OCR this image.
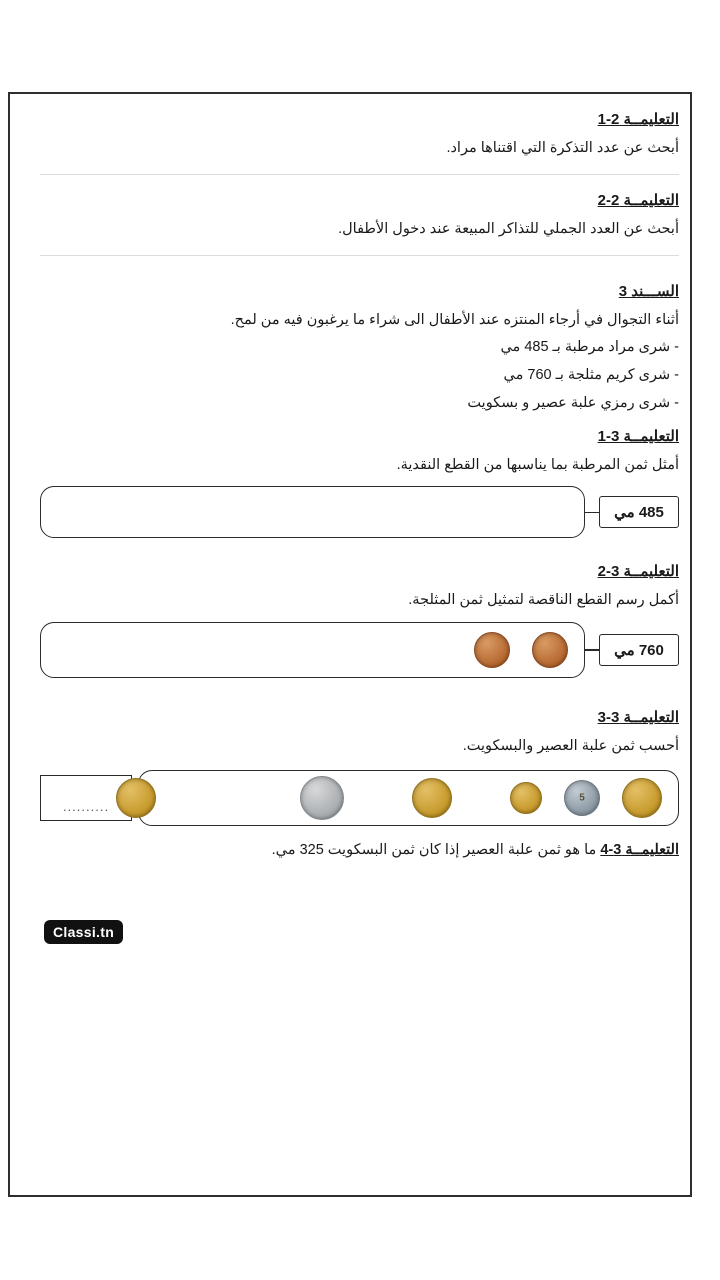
التعليمــة 2-1
أبحث عن عدد التذكرة التي اقتناها مراد.
التعليمــة 2-2
أبحث عن العدد الجملي للتذاكر المبيعة عند دخول الأطفال.
الســـند 3
أثناء التجوال في أرجاء المنتزه عند الأطفال الى شراء ما يرغبون فيه من لمح.
- شرى مراد مرطبة بـ 485 مي
- شرى كريم مثلجة بـ 760 مي
- شرى رمزي علبة عصير و بسكويت
التعليمــة 3-1
أمثل ثمن المرطبة بما يناسبها من القطع النقدية.
485 مي
التعليمــة 3-2
أكمل رسم القطع الناقصة لتمثيل ثمن المثلجة.
760 مي
التعليمــة 3-3
أحسب ثمن علبة العصير والبسكويت.
5
..........
التعليمــة 3-4 ما هو ثمن علبة العصير إذا كان ثمن البسكويت 325 مي.
Classi.tn
